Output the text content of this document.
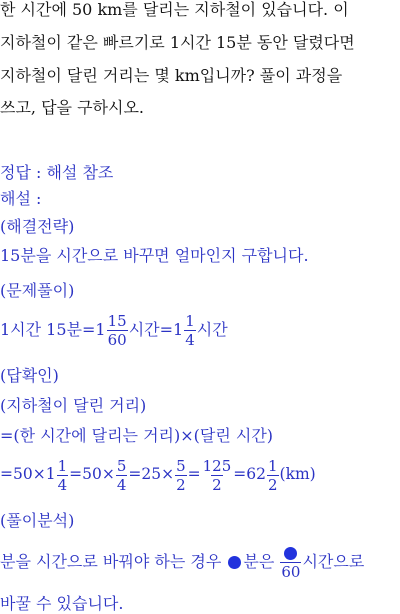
한 시간에 50 km를 달리는 지하철이 있습니다. 이
지하철이 같은 빠르기로 1시간 15분 동안 달렸다면
지하철이 달린 거리는 몇 km입니까? 풀이 과정을
쓰고, 답을 구하시오.
정답 : 해설 참조
해설 :
(해결전략)
15분을 시간으로 바꾸면 얼마인지 구합니다.
(문제풀이)
1시간 15분$=1 \frac{15}{60}$ 시간$=1 \frac{1}{4}$ 시간
(답확인)
(지하철이 달린 거리)
=(한 시간에 달리는 거리)×(달린 시간)
$=50\times 1 \frac{1}{4} =50\times \frac{5}{4} =25\times \frac{5}{2} = \frac{125}{2} =62 \frac{1}{2} (km)$
(풀이분석)
분을 시간으로 바꿔야 하는 경우 분은
60
시간으로
바꿀 수 있습니다.
